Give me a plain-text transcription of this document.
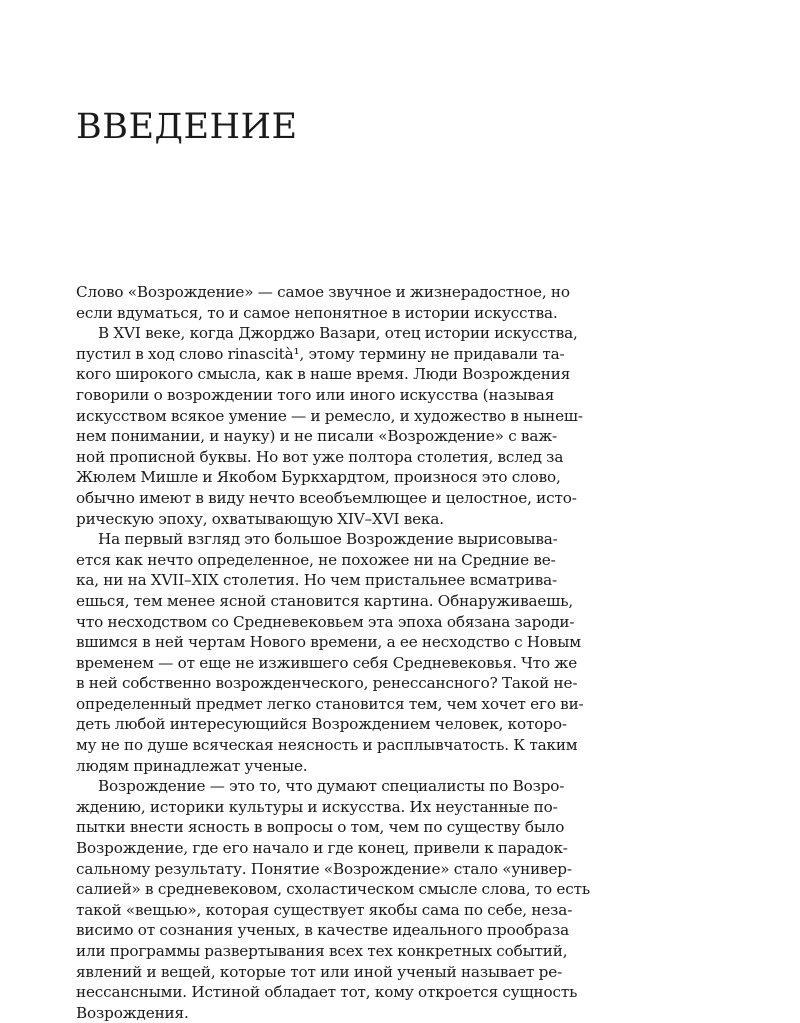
ВВЕДЕНИЕ
Слово «Возрождение» — самое звучное и жизнерадостное, но
если вдуматься, то и самое непонятное в истории искусства.
В XVI веке, когда Джорджо Вазари, отец истории искусства,
пустил в ход слово rinascità¹, этому термину не придавали та-
кого широкого смысла, как в наше время. Люди Возрождения
говорили о возрождении того или иного искусства (называя
искусством всякое умение — и ремесло, и художество в нынеш-
нем понимании, и науку) и не писали «Возрождение» с важ-
ной прописной буквы. Но вот уже полтора столетия, вслед за
Жюлем Мишле и Якобом Буркхардтом, произнося это слово,
обычно имеют в виду нечто всеобъемлющее и целостное, исто-
рическую эпоху, охватывающую XIV–XVI века.
На первый взгляд это большое Возрождение вырисовыва-
ется как нечто определенное, не похожее ни на Средние ве-
ка, ни на XVII–XIX столетия. Но чем пристальнее всматрива-
ешься, тем менее ясной становится картина. Обнаруживаешь,
что несходством со Средневековьем эта эпоха обязана зароди-
вшимся в ней чертам Нового времени, а ее несходство с Новым
временем — от еще не изжившего себя Средневековья. Что же
в ней собственно возрожденческого, ренессансного? Такой не-
определенный предмет легко становится тем, чем хочет его ви-
деть любой интересующийся Возрождением человек, которо-
му не по душе всяческая неясность и расплывчатость. К таким
людям принадлежат ученые.
Возрождение — это то, что думают специалисты по Возро-
ждению, историки культуры и искусства. Их неустанные по-
пытки внести ясность в вопросы о том, чем по существу было
Возрождение, где его начало и где конец, привели к парадок-
сальному результату. Понятие «Возрождение» стало «универ-
салией» в средневековом, схоластическом смысле слова, то есть
такой «вещью», которая существует якобы сама по себе, неза-
висимо от сознания ученых, в качестве идеального прообраза
или программы развертывания всех тех конкретных событий,
явлений и вещей, которые тот или иной ученый называет ре-
нессансными. Истиной обладает тот, кому откроется сущность
Возрождения.
